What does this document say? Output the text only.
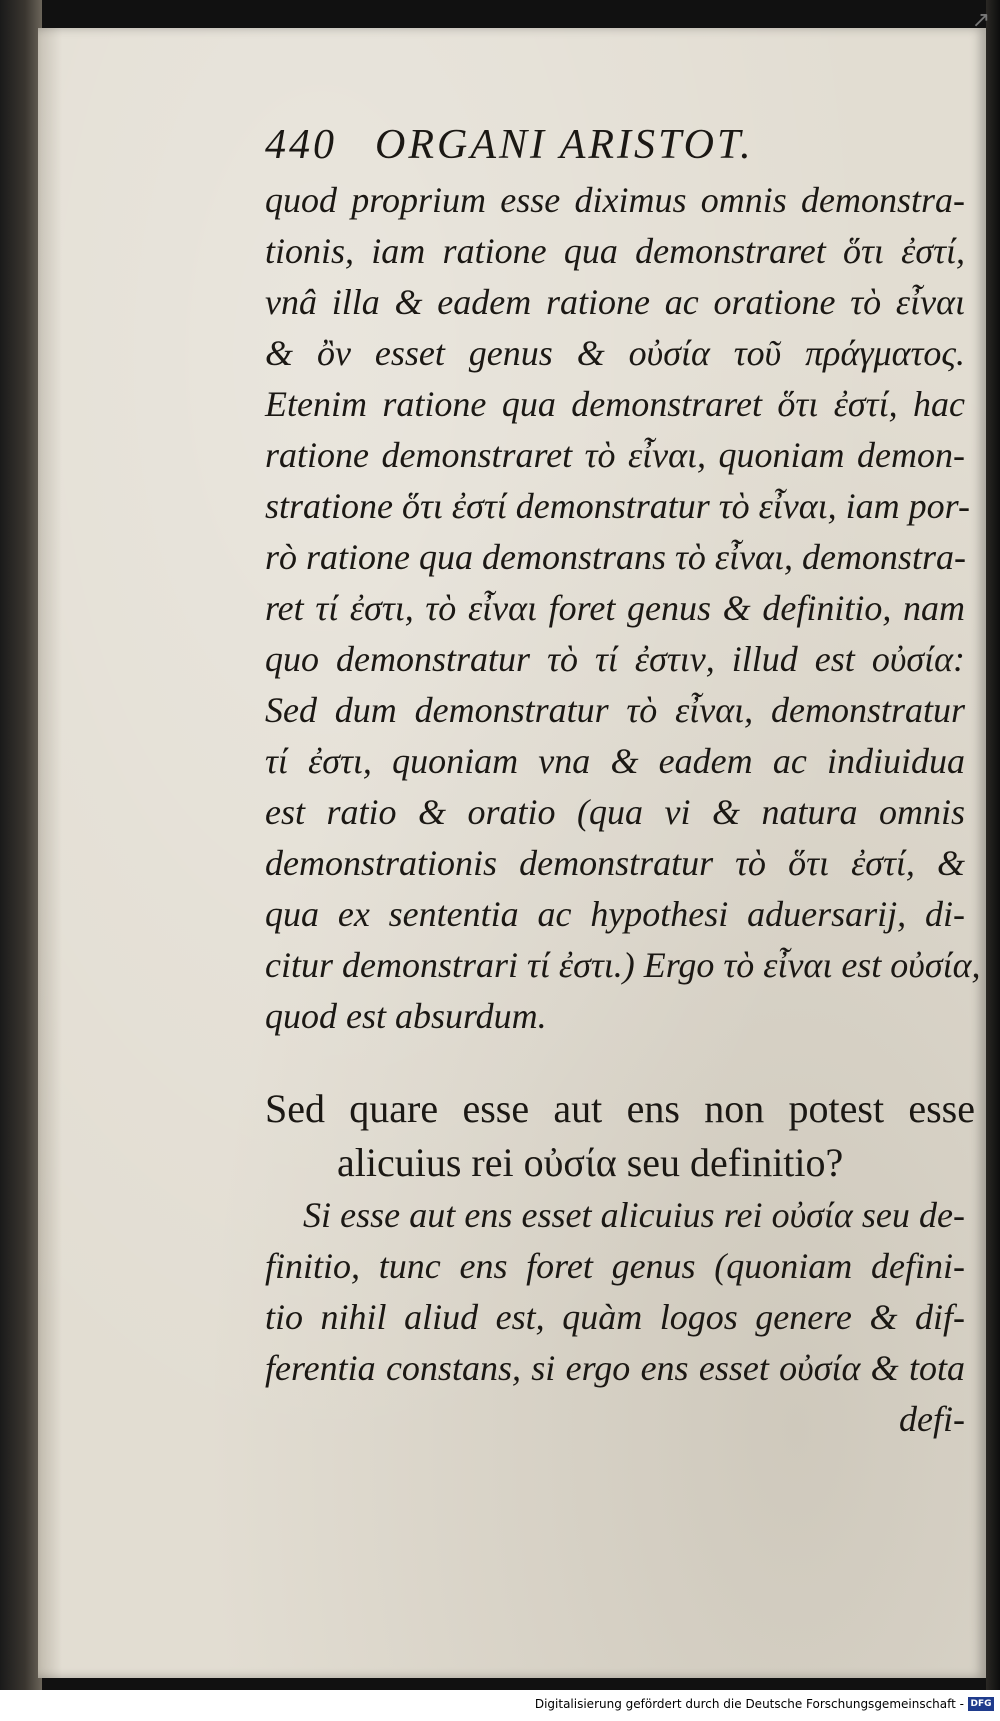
↗
440 ORGANI ARISTOT.
quod proprium esse diximus omnis demonstra-
tionis, iam ratione qua demonstraret ὅτι ἐστί,
vnâ illa & eadem ratione ac oratione τὸ εἶναι
& ὂν esset genus & οὐσία τοῦ πράγματος.
Etenim ratione qua demonstraret ὅτι ἐστί, hac
ratione demonstraret τὸ εἶναι, quoniam demon-
stratione ὅτι ἐστί demonstratur τὸ εἶναι, iam por-
rò ratione qua demonstrans τὸ εἶναι, demonstra-
ret τί ἐστι, τὸ εἶναι foret genus & definitio, nam
quo demonstratur τὸ τί ἐστιν, illud est οὐσία:
Sed dum demonstratur τὸ εἶναι, demonstratur
τί ἐστι, quoniam vna & eadem ac indiuidua
est ratio & oratio (qua vi & natura omnis
demonstrationis demonstratur τὸ ὅτι ἐστί, &
qua ex sententia ac hypothesi aduersarij, di-
citur demonstrari τί ἐστι.) Ergo τὸ εἶναι est οὐσία,
quod est absurdum.
Sed quare esse aut ens non potest esse
alicuius rei οὐσία seu definitio?
Si esse aut ens esset alicuius rei οὐσία seu de-
finitio, tunc ens foret genus (quoniam defini-
tio nihil aliud est, quàm logos genere & dif-
ferentia constans, si ergo ens esset οὐσία & tota
defi-
Digitalisierung gefördert durch die Deutsche Forschungsgemeinschaft - DFG
